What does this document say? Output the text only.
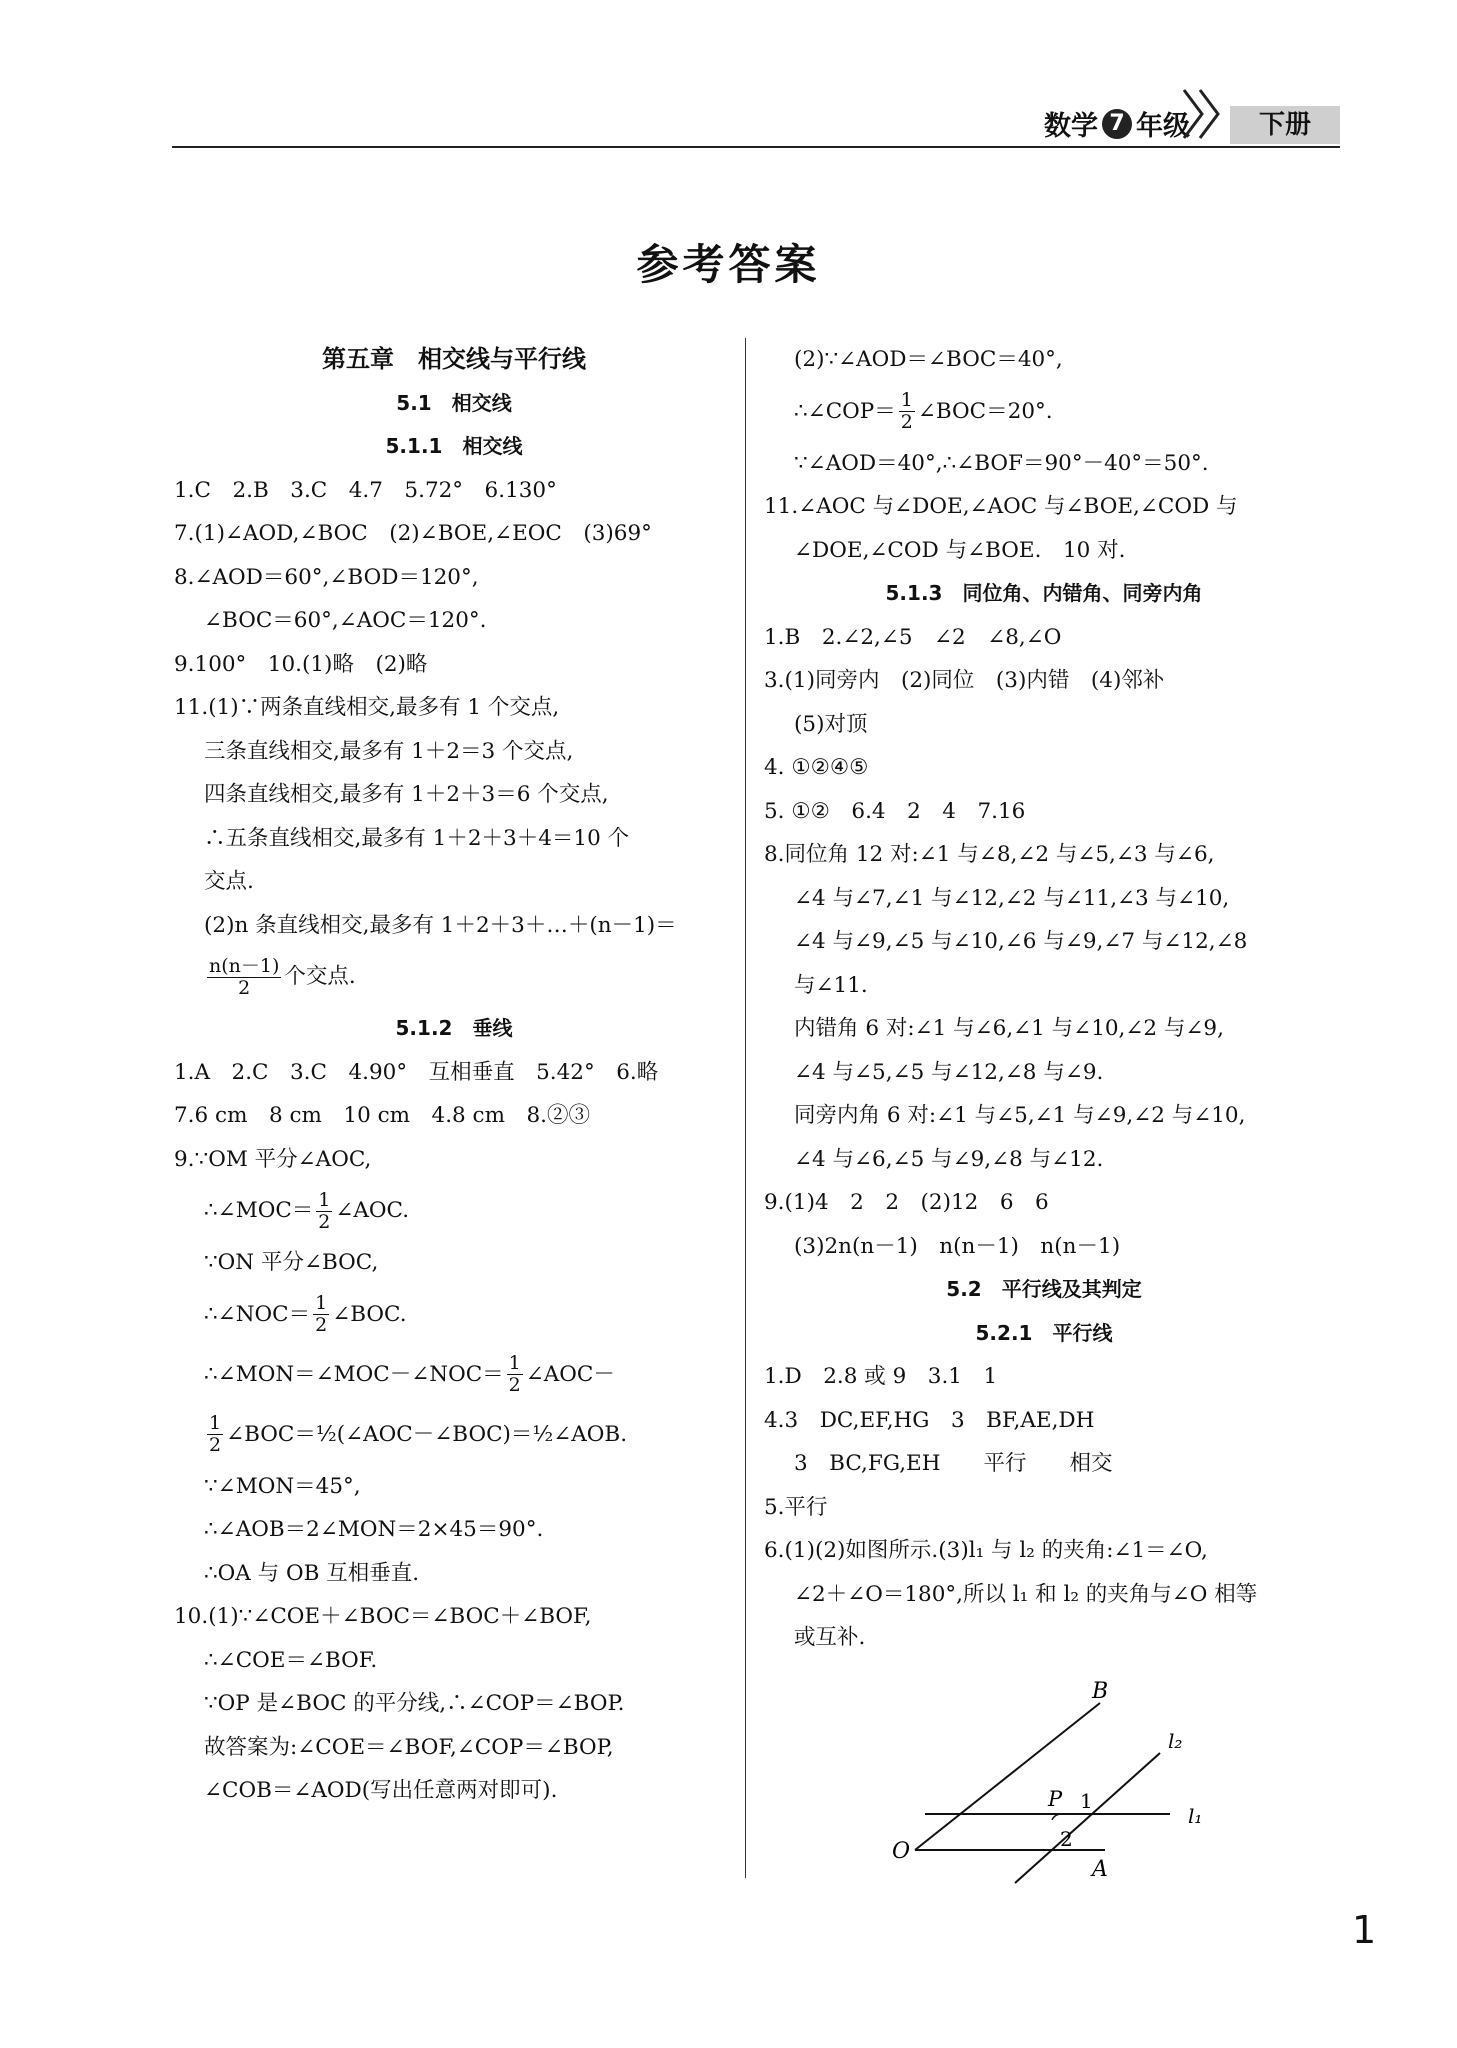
数学 7 年级	下册
参考答案
第五章　相交线与平行线
5.1　相交线
5.1.1　相交线
1.C　2.B　3.C　4.7　5.72°　6.130°
7.(1)∠AOD,∠BOC　(2)∠BOE,∠EOC　(3)69°
8.∠AOD＝60°,∠BOD＝120°,
∠BOC＝60°,∠AOC＝120°.
9.100°　10.(1)略　(2)略
11.(1)∵两条直线相交,最多有 1 个交点,
三条直线相交,最多有 1＋2＝3 个交点,
四条直线相交,最多有 1＋2＋3＝6 个交点,
∴五条直线相交,最多有 1＋2＋3＋4＝10 个
交点.
(2)n 条直线相交,最多有 1＋2＋3＋…＋(n－1)＝
$\frac{n(n-1)}{2}$ 个交点.
5.1.2　垂线
1.A　2.C　3.C　4.90°　互相垂直　5.42°　6.略
7.6 cm　8 cm　10 cm　4.8 cm　8.②③
9.∵OM 平分∠AOC,
∴∠MOC＝ $\frac{1}{2}$ ∠AOC.
∵ON 平分∠BOC,
∴∠NOC＝ $\frac{1}{2}$ ∠BOC.
∴∠MON＝∠MOC－∠NOC＝ $\frac{1}{2}$ ∠AOC－
$\frac{1}{2}$ ∠BOC＝½(∠AOC－∠BOC)＝½∠AOB.
∵∠MON＝45°,
∴∠AOB＝2∠MON＝2×45＝90°.
∴OA 与 OB 互相垂直.
10.(1)∵∠COE＋∠BOC＝∠BOC＋∠BOF,
∴∠COE＝∠BOF.
∵OP 是∠BOC 的平分线,∴∠COP＝∠BOP.
故答案为:∠COE＝∠BOF,∠COP＝∠BOP,
∠COB＝∠AOD(写出任意两对即可).
(2)∵∠AOD＝∠BOC＝40°,
∴∠COP＝ $\frac{1}{2}$ ∠BOC＝20°.
∵∠AOD＝40°,∴∠BOF＝90°－40°＝50°.
11.∠AOC 与∠DOE,∠AOC 与∠BOE,∠COD 与
∠DOE,∠COD 与∠BOE.　10 对.
5.1.3　同位角、内错角、同旁内角
1.B　2.∠2,∠5　∠2　∠8,∠O
3.(1)同旁内　(2)同位　(3)内错　(4)邻补
(5)对顶
4. ①②④⑤
5. ①②　6.4　2　4　7.16
8.同位角 12 对:∠1 与∠8,∠2 与∠5,∠3 与∠6,
∠4 与∠7,∠1 与∠12,∠2 与∠11,∠3 与∠10,
∠4 与∠9,∠5 与∠10,∠6 与∠9,∠7 与∠12,∠8
与∠11.
内错角 6 对:∠1 与∠6,∠1 与∠10,∠2 与∠9,
∠4 与∠5,∠5 与∠12,∠8 与∠9.
同旁内角 6 对:∠1 与∠5,∠1 与∠9,∠2 与∠10,
∠4 与∠6,∠5 与∠9,∠8 与∠12.
9.(1)4　2　2　(2)12　6　6
(3)2n(n－1)　n(n－1)　n(n－1)
5.2　平行线及其判定
5.2.1　平行线
1.D　2.8 或 9　3.1　1
4.3　DC,EF,HG　3　BF,AE,DH
3　BC,FG,EH　　平行　　相交
5.平行
6.(1)(2)如图所示.(3)l₁ 与 l₂ 的夹角:∠1＝∠O,
∠2＋∠O＝180°,所以 l₁ 和 l₂ 的夹角与∠O 相等
或互补.
B
O
A
P
l₂
l₁
1
2
1
